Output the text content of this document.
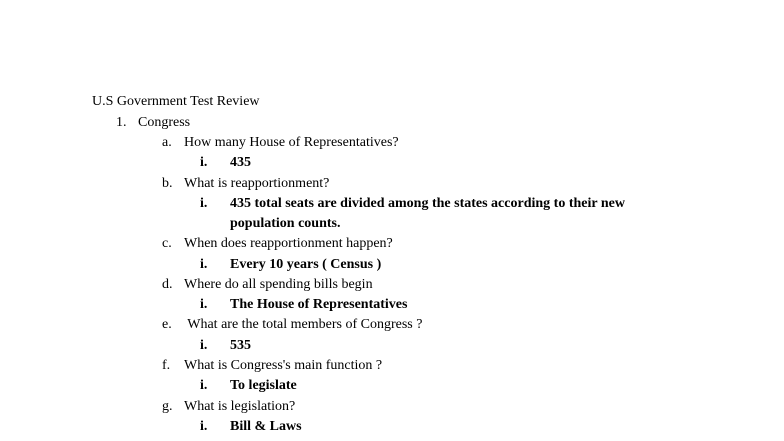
U.S Government Test Review
1. Congress
a. How many House of Representatives?
i. 435
b. What is reapportionment?
i. 435 total seats are divided among the states according to their new
population counts.
c. When does reapportionment happen?
i. Every 10 years ( Census )
d. Where do all spending bills begin
i. The House of Representatives
e. What are the total members of Congress ?
i. 535
f. What is Congress's main function ?
i. To legislate
g. What is legislation?
i. Bill & Laws
